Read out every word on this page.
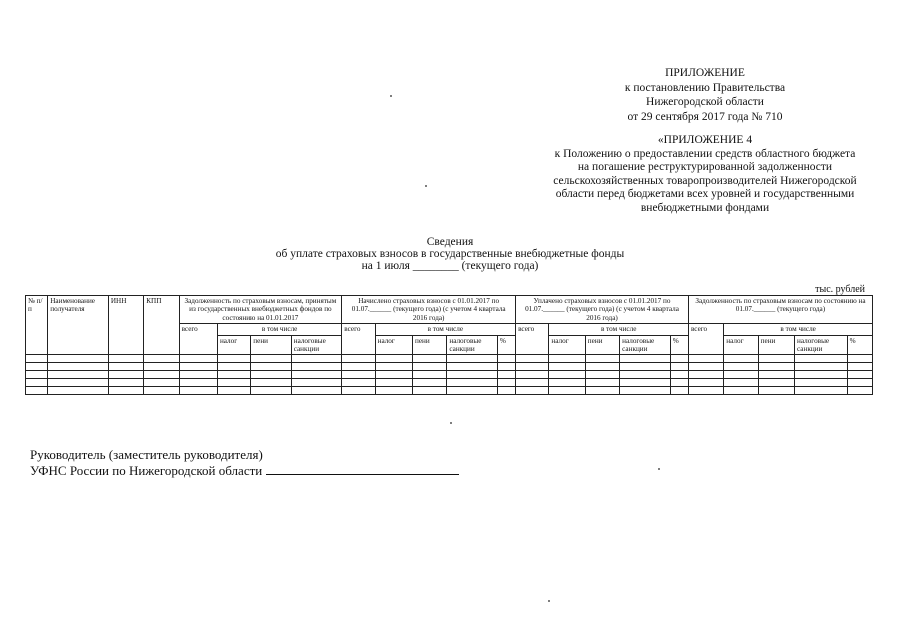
ПРИЛОЖЕНИЕ
к постановлению Правительства
Нижегородской области
от 29 сентября 2017 года № 710
«ПРИЛОЖЕНИЕ 4
к Положению о предоставлении средств областного бюджета
на погашение реструктурированной задолженности
сельскохозяйственных товаропроизводителей Нижегородской
области перед бюджетами всех уровней и государственными
внебюджетными фондами
Сведения
об уплате страховых взносов в государственные внебюджетные фонды
на 1 июля ________ (текущего года)
тыс. рублей
№ п/п	Наименование получателя	ИНН	КПП	Задолженность по страховым взносам, принятым из государственных внебюджетных фондов по состоянию на 01.01.2017				Начислено страховых взносов с 01.01.2017 по 01.07.______ (текущего года) (с учетом 4 квартала 2016 года)					Уплачено страховых взносов с 01.01.2017 по 01.07.______ (текущего года) (с учетом 4 квартала 2016 года)					Задолженность по страховым взносам по состоянию на 01.07.______ (текущего года)				
				всего	в том числе			всего	в том числе				всего	в том числе				всего	в том числе			
					налог	пени	налоговые санкции		налог	пени	налоговые санкции	%		налог	пени	налоговые санкции	%		налог	пени	налоговые санкции	%

Руководитель (заместитель руководителя)
УФНС России по Нижегородской области
